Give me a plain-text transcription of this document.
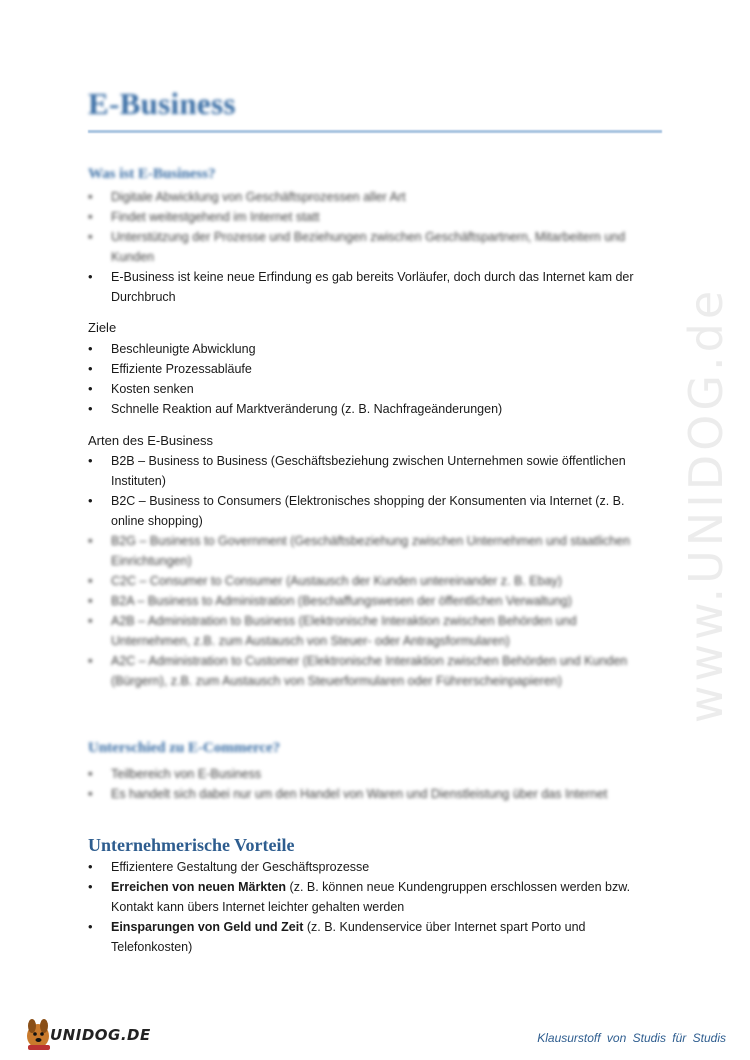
www.UNIDOG.de
E-Business
Was ist E-Business?
• Digitale Abwicklung von Geschäftsprozessen aller Art
• Findet weitestgehend im Internet statt
• Unterstützung der Prozesse und Beziehungen zwischen Geschäftspartnern, Mitarbeitern und Kunden
• E-Business ist keine neue Erfindung es gab bereits Vorläufer, doch durch das Internet kam der Durchbruch

Ziele

• Beschleunigte Abwicklung
• Effiziente Prozessabläufe
• Kosten senken
• Schnelle Reaktion auf Marktveränderung (z. B. Nachfrageänderungen)

Arten des E-Business

• B2B – Business to Business (Geschäftsbeziehung zwischen Unternehmen sowie öffentlichen Instituten)
• B2C – Business to Consumers (Elektronisches shopping der Konsumenten via Internet (z. B. online shopping)
• B2G – Business to Government (Geschäftsbeziehung zwischen Unternehmen und staatlichen Einrichtungen)
• C2C – Consumer to Consumer (Austausch der Kunden untereinander z. B. Ebay)
• B2A – Business to Administration (Beschaffungswesen der öffentlichen Verwaltung)
• A2B – Administration to Business (Elektronische Interaktion zwischen Behörden und Unternehmen, z.B. zum Austausch von Steuer- oder Antragsformularen)
• A2C – Administration to Customer (Elektronische Interaktion zwischen Behörden und Kunden (Bürgern), z.B. zum Austausch von Steuerformularen oder Führerscheinpapieren)
Unterschied zu E-Commerce?
• Teilbereich von E-Business
• Es handelt sich dabei nur um den Handel von Waren und Dienstleistung über das Internet
Unternehmerische Vorteile
• Effizientere Gestaltung der Geschäftsprozesse
• Erreichen von neuen Märkten (z. B. können neue Kundengruppen erschlossen werden bzw. Kontakt kann übers Internet leichter gehalten werden
• Einsparungen von Geld und Zeit (z. B. Kundenservice über Internet spart Porto und Telefonkosten)
UNIDOG.DE	Klausurstoff von Studis für Studis
